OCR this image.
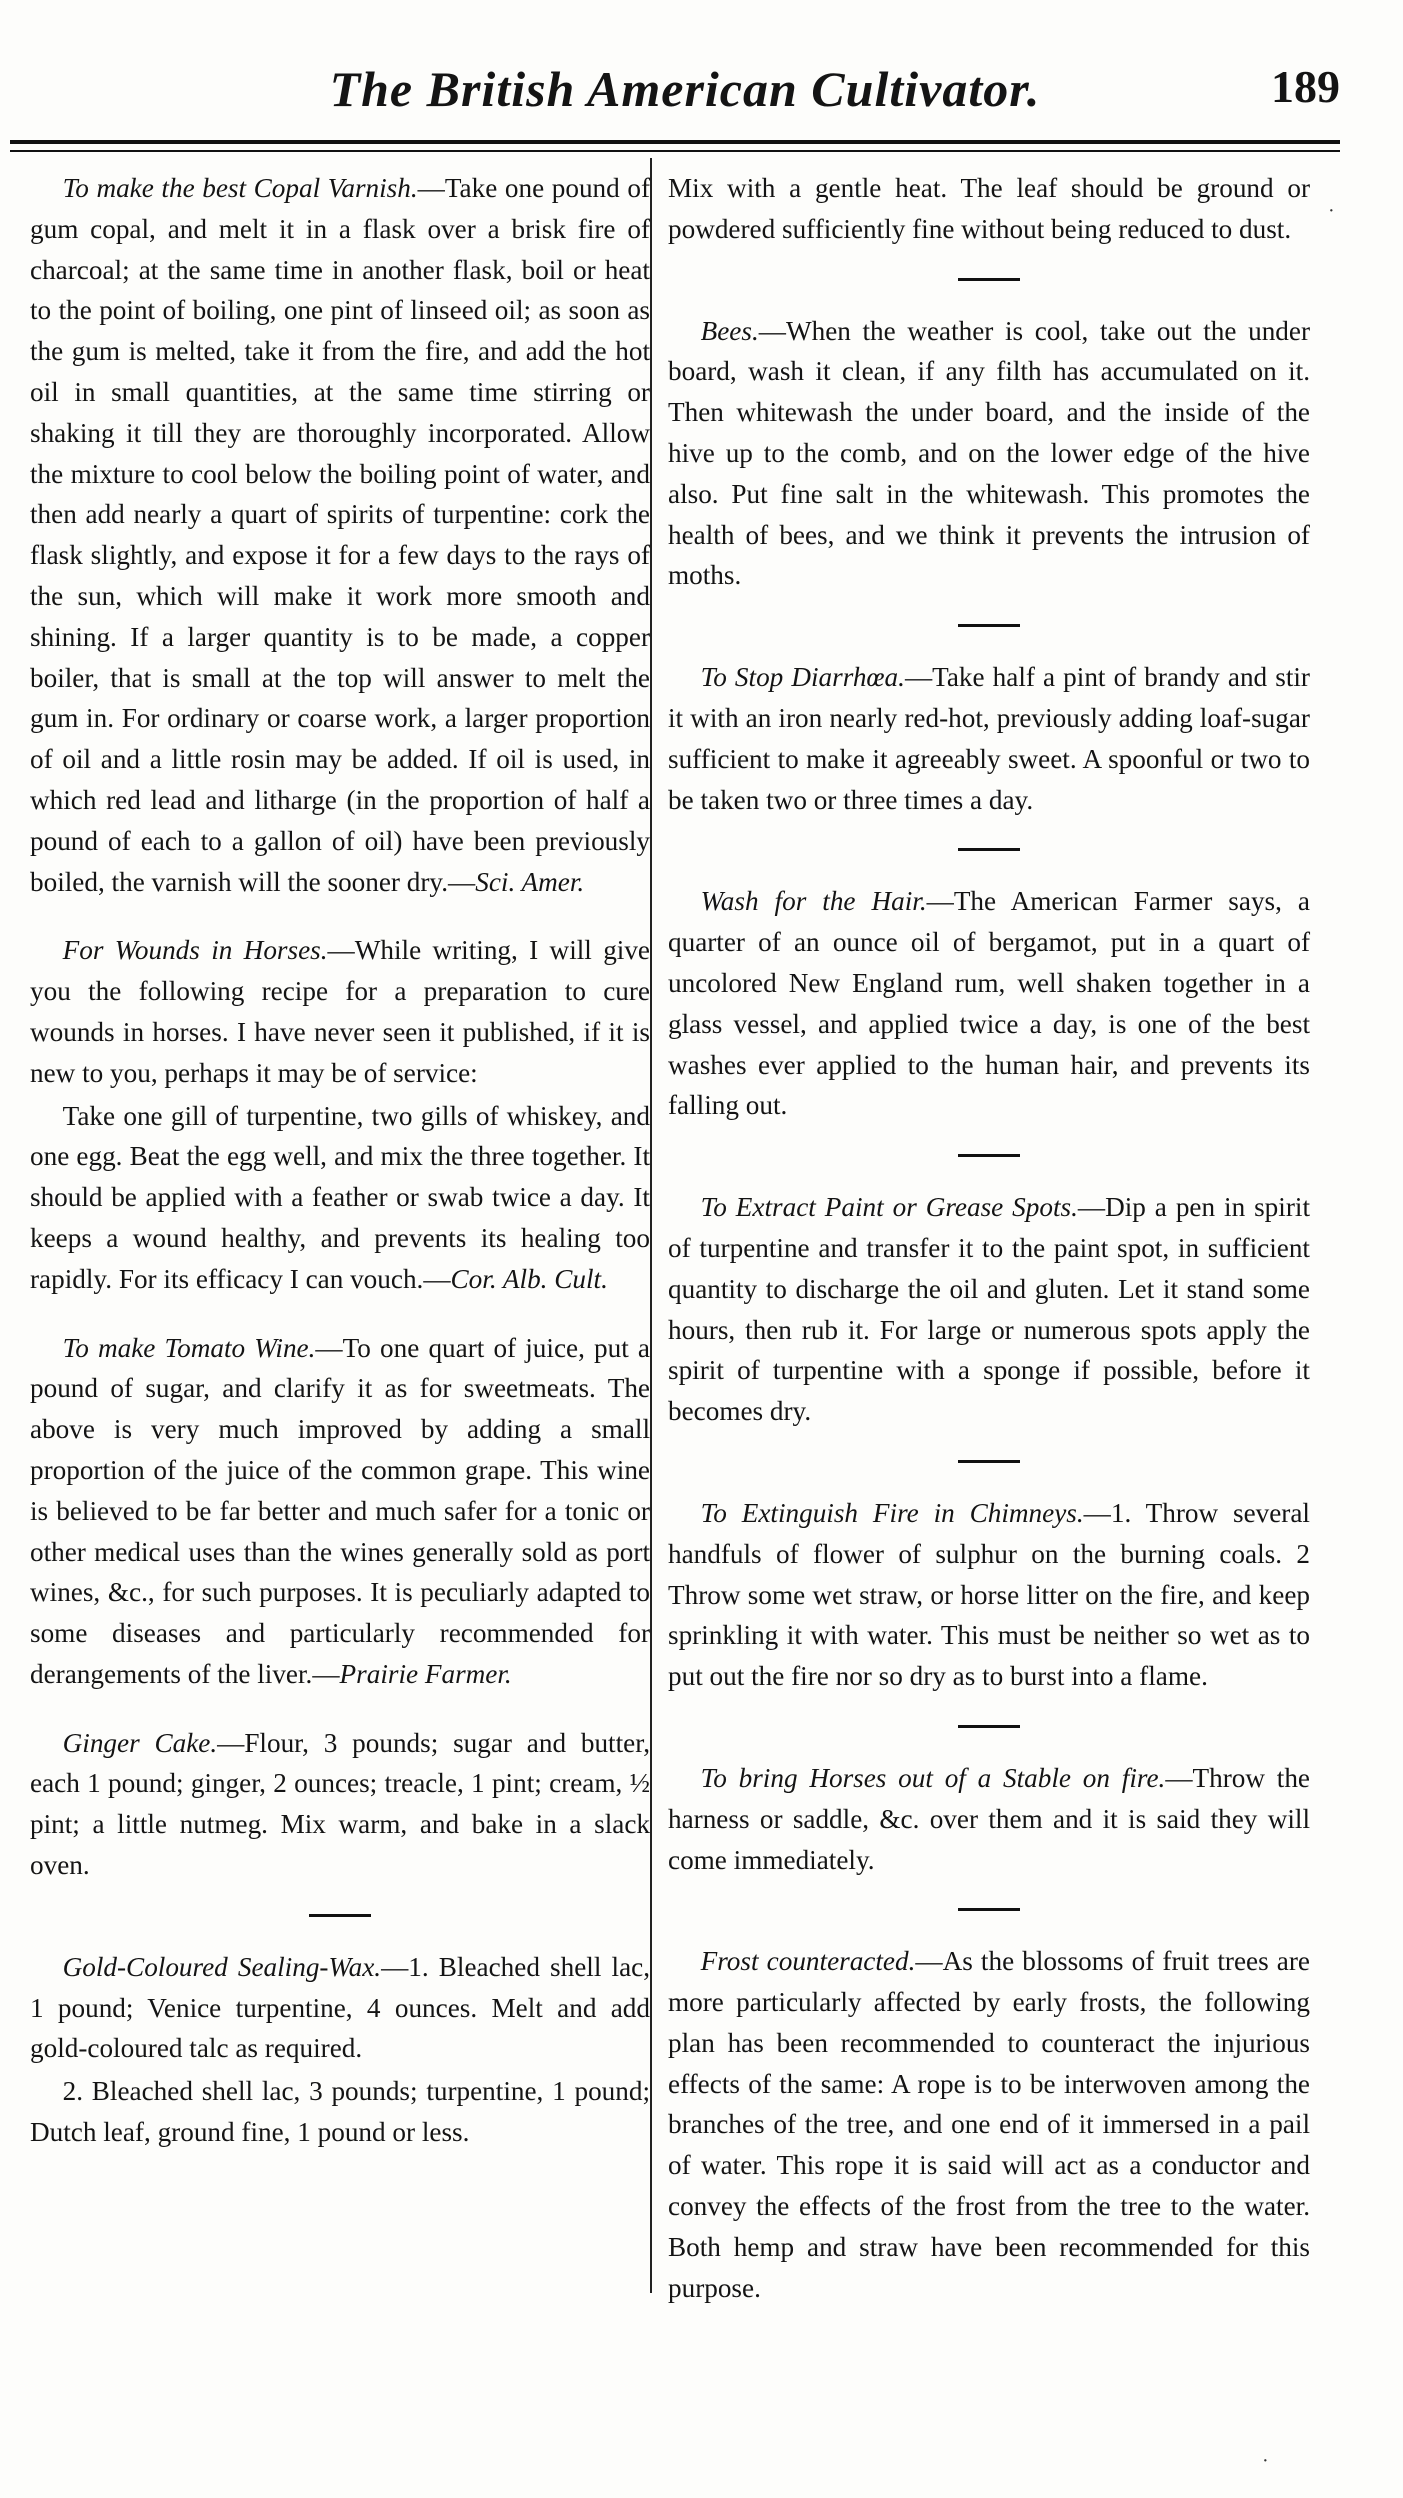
The British American Cultivator.	189

To make the best Copal Varnish.—Take one pound of gum copal, and melt it in a flask over a brisk fire of charcoal; at the same time in another flask, boil or heat to the point of boiling, one pint of linseed oil; as soon as the gum is melted, take it from the fire, and add the hot oil in small quantities, at the same time stirring or shaking it till they are thoroughly incorporated. Allow the mixture to cool below the boiling point of water, and then add nearly a quart of spirits of turpentine: cork the flask slightly, and expose it for a few days to the rays of the sun, which will make it work more smooth and shining. If a larger quantity is to be made, a copper boiler, that is small at the top will answer to melt the gum in. For ordinary or coarse work, a larger proportion of oil and a little rosin may be added. If oil is used, in which red lead and litharge (in the proportion of half a pound of each to a gallon of oil) have been previously boiled, the varnish will the sooner dry.—Sci. Amer.

For Wounds in Horses.—While writing, I will give you the following recipe for a preparation to cure wounds in horses. I have never seen it published, if it is new to you, perhaps it may be of service:

Take one gill of turpentine, two gills of whiskey, and one egg. Beat the egg well, and mix the three together. It should be applied with a feather or swab twice a day. It keeps a wound healthy, and prevents its healing too rapidly. For its efficacy I can vouch.—Cor. Alb. Cult.

To make Tomato Wine.—To one quart of juice, put a pound of sugar, and clarify it as for sweetmeats. The above is very much improved by adding a small proportion of the juice of the common grape. This wine is believed to be far better and much safer for a tonic or other medical uses than the wines generally sold as port wines, &c., for such purposes. It is peculiarly adapted to some diseases and particularly recommended for derangements of the liver.—Prairie Farmer.

Ginger Cake.—Flour, 3 pounds; sugar and butter, each 1 pound; ginger, 2 ounces; treacle, 1 pint; cream, ½ pint; a little nutmeg. Mix warm, and bake in a slack oven.

Gold-Coloured Sealing-Wax.—1. Bleached shell lac, 1 pound; Venice turpentine, 4 ounces. Melt and add gold-coloured talc as required.

2. Bleached shell lac, 3 pounds; turpentine, 1 pound; Dutch leaf, ground fine, 1 pound or less.

Mix with a gentle heat. The leaf should be ground or powdered sufficiently fine without being reduced to dust.

Bees.—When the weather is cool, take out the under board, wash it clean, if any filth has accumulated on it. Then whitewash the under board, and the inside of the hive up to the comb, and on the lower edge of the hive also. Put fine salt in the whitewash. This promotes the health of bees, and we think it prevents the intrusion of moths.

To Stop Diarrhœa.—Take half a pint of brandy and stir it with an iron nearly red-hot, previously adding loaf-sugar sufficient to make it agreeably sweet. A spoonful or two to be taken two or three times a day.

Wash for the Hair.—The American Farmer says, a quarter of an ounce oil of bergamot, put in a quart of uncolored New England rum, well shaken together in a glass vessel, and applied twice a day, is one of the best washes ever applied to the human hair, and prevents its falling out.

To Extract Paint or Grease Spots.—Dip a pen in spirit of turpentine and transfer it to the paint spot, in sufficient quantity to discharge the oil and gluten. Let it stand some hours, then rub it. For large or numerous spots apply the spirit of turpentine with a sponge if possible, before it becomes dry.

To Extinguish Fire in Chimneys.—1. Throw several handfuls of flower of sulphur on the burning coals. 2 Throw some wet straw, or horse litter on the fire, and keep sprinkling it with water. This must be neither so wet as to put out the fire nor so dry as to burst into a flame.

To bring Horses out of a Stable on fire.—Throw the harness or saddle, &c. over them and it is said they will come immediately.

Frost counteracted.—As the blossoms of fruit trees are more particularly affected by early frosts, the following plan has been recommended to counteract the injurious effects of the same: A rope is to be interwoven among the branches of the tree, and one end of it immersed in a pail of water. This rope it is said will act as a conductor and convey the effects of the frost from the tree to the water. Both hemp and straw have been recommended for this purpose.

·
·
